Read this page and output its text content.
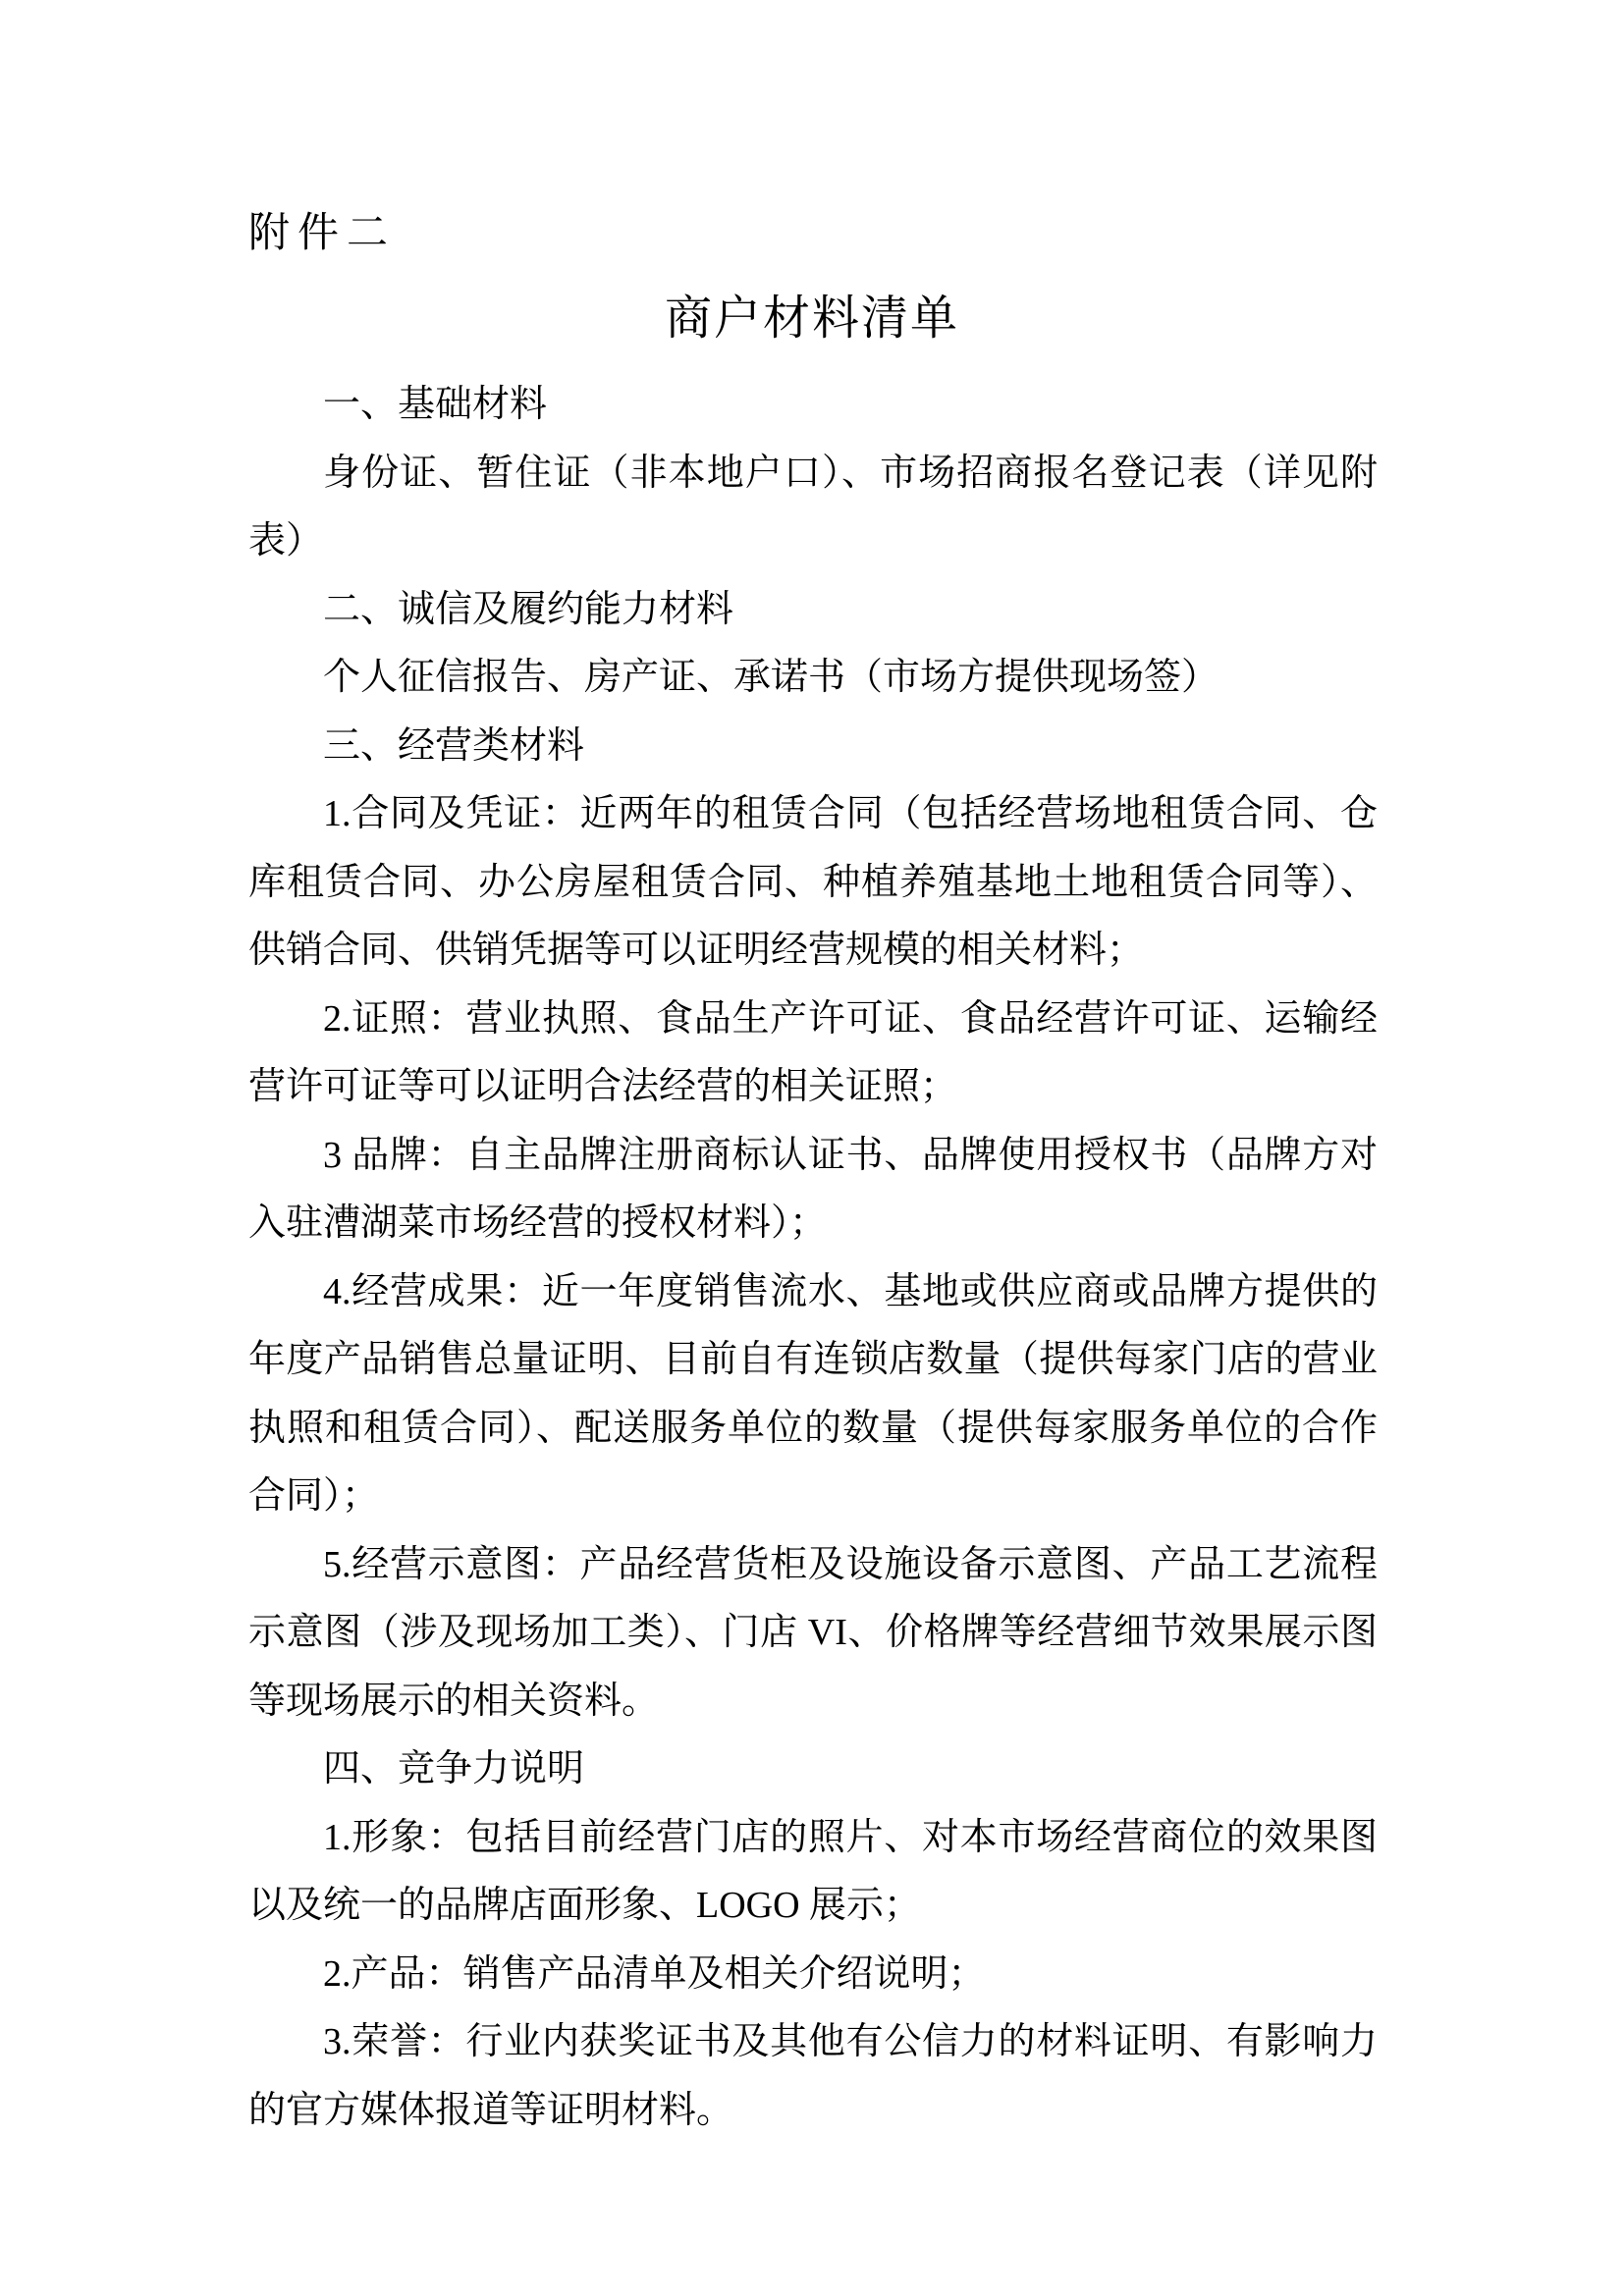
附件二
商户材料清单

一、基础材料

身份证、暂住证（非本地户口）、市场招商报名登记表（详见附表）

二、诚信及履约能力材料

个人征信报告、房产证、承诺书（市场方提供现场签）

三、经营类材料

1.合同及凭证：近两年的租赁合同（包括经营场地租赁合同、仓库租赁合同、办公房屋租赁合同、种植养殖基地土地租赁合同等）、供销合同、供销凭据等可以证明经营规模的相关材料；

2.证照：营业执照、食品生产许可证、食品经营许可证、运输经营许可证等可以证明合法经营的相关证照；

3 品牌：自主品牌注册商标认证书、品牌使用授权书（品牌方对入驻漕湖菜市场经营的授权材料）；

4.经营成果：近一年度销售流水、基地或供应商或品牌方提供的年度产品销售总量证明、目前自有连锁店数量（提供每家门店的营业执照和租赁合同）、配送服务单位的数量（提供每家服务单位的合作合同）；

5.经营示意图：产品经营货柜及设施设备示意图、产品工艺流程示意图（涉及现场加工类）、门店 VI、价格牌等经营细节效果展示图等现场展示的相关资料。

四、竞争力说明

1.形象：包括目前经营门店的照片、对本市场经营商位的效果图以及统一的品牌店面形象、LOGO 展示；

2.产品：销售产品清单及相关介绍说明；

3.荣誉：行业内获奖证书及其他有公信力的材料证明、有影响力的官方媒体报道等证明材料。
